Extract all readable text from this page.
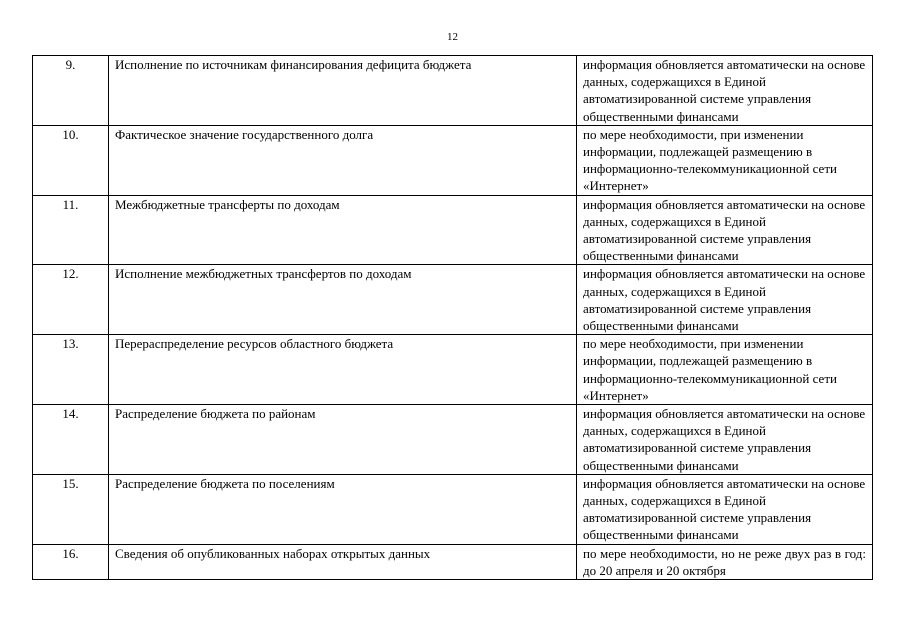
12
9.	Исполнение по источникам финансирования дефицита бюджета	информация обновляется автоматически на основе данных, содержащихся в Единой автоматизированной системе управления общественными финансами
10.	Фактическое значение государственного долга	по мере необходимости, при изменении информации, подлежащей размещению в информационно-телекоммуникационной сети «Интернет»
11.	Межбюджетные трансферты по доходам	информация обновляется автоматически на основе данных, содержащихся в Единой автоматизированной системе управления общественными финансами
12.	Исполнение межбюджетных трансфертов по доходам	информация обновляется автоматически на основе данных, содержащихся в Единой автоматизированной системе управления общественными финансами
13.	Перераспределение ресурсов областного бюджета	по мере необходимости, при изменении информации, подлежащей размещению в информационно-телекоммуникационной сети «Интернет»
14.	Распределение бюджета по районам	информация обновляется автоматически на основе данных, содержащихся в Единой автоматизированной системе управления общественными финансами
15.	Распределение бюджета по поселениям	информация обновляется автоматически на основе данных, содержащихся в Единой автоматизированной системе управления общественными финансами
16.	Сведения об опубликованных наборах открытых данных	по мере необходимости, но не реже двух раз в год: до 20 апреля и 20 октября
